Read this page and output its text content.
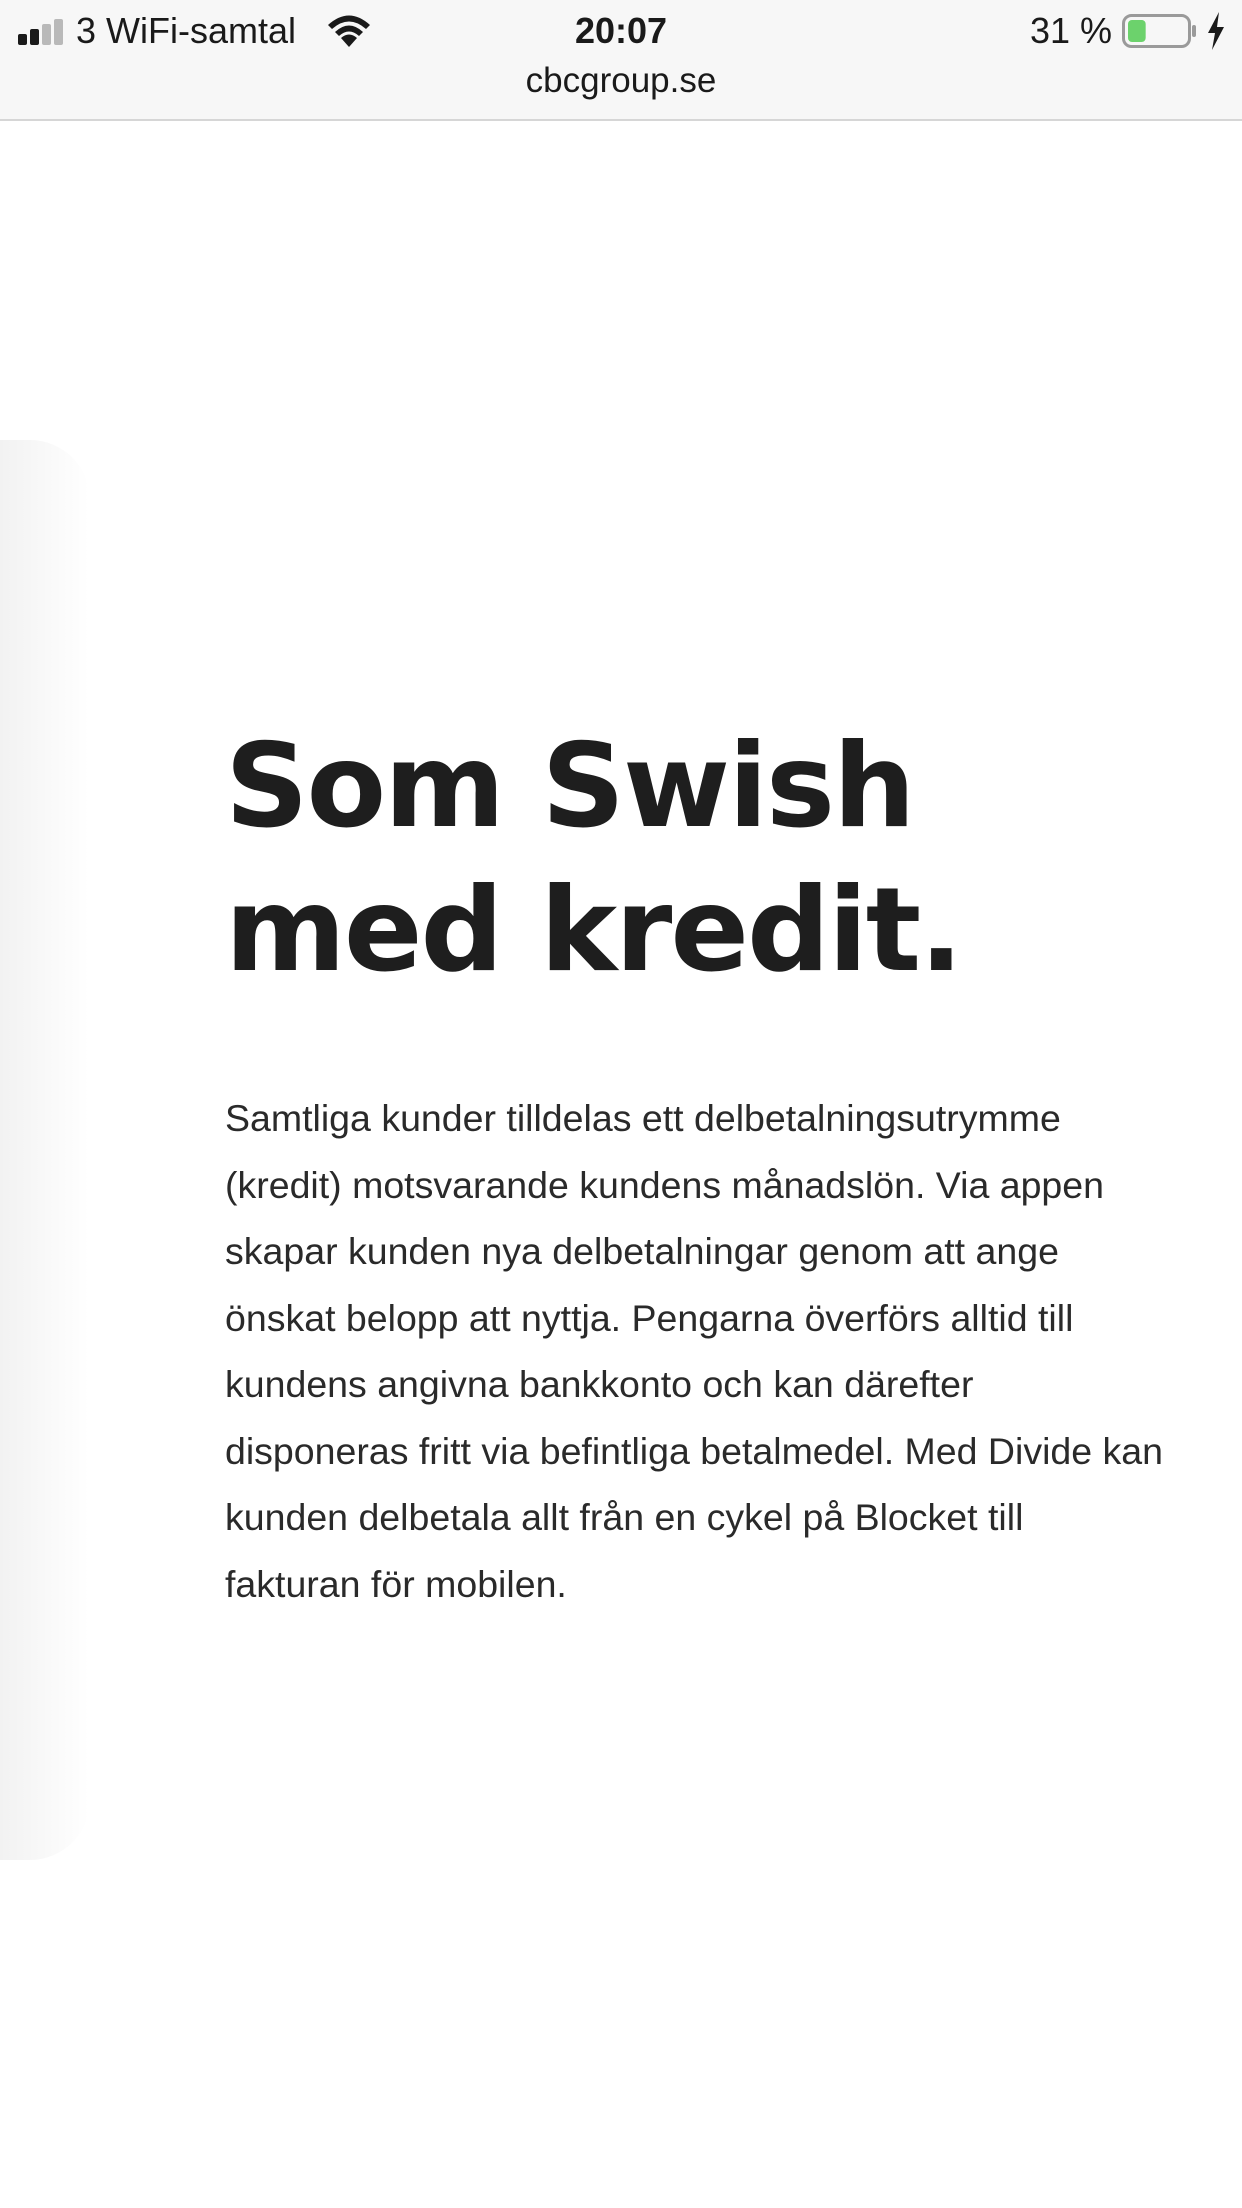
3 WiFi-samtal	20:07	31 %
cbcgroup.se
Som Swish
med kredit.

Samtliga kunder tilldelas ett delbetalningsutrymme (kredit) motsvarande kundens månadslön. Via appen skapar kunden nya delbetalningar genom att ange önskat belopp att nyttja. Pengarna överförs alltid till kundens angivna bankkonto och kan därefter disponeras fritt via befintliga betalmedel. Med Divide kan kunden delbetala allt från en cykel på Blocket till fakturan för mobilen.
